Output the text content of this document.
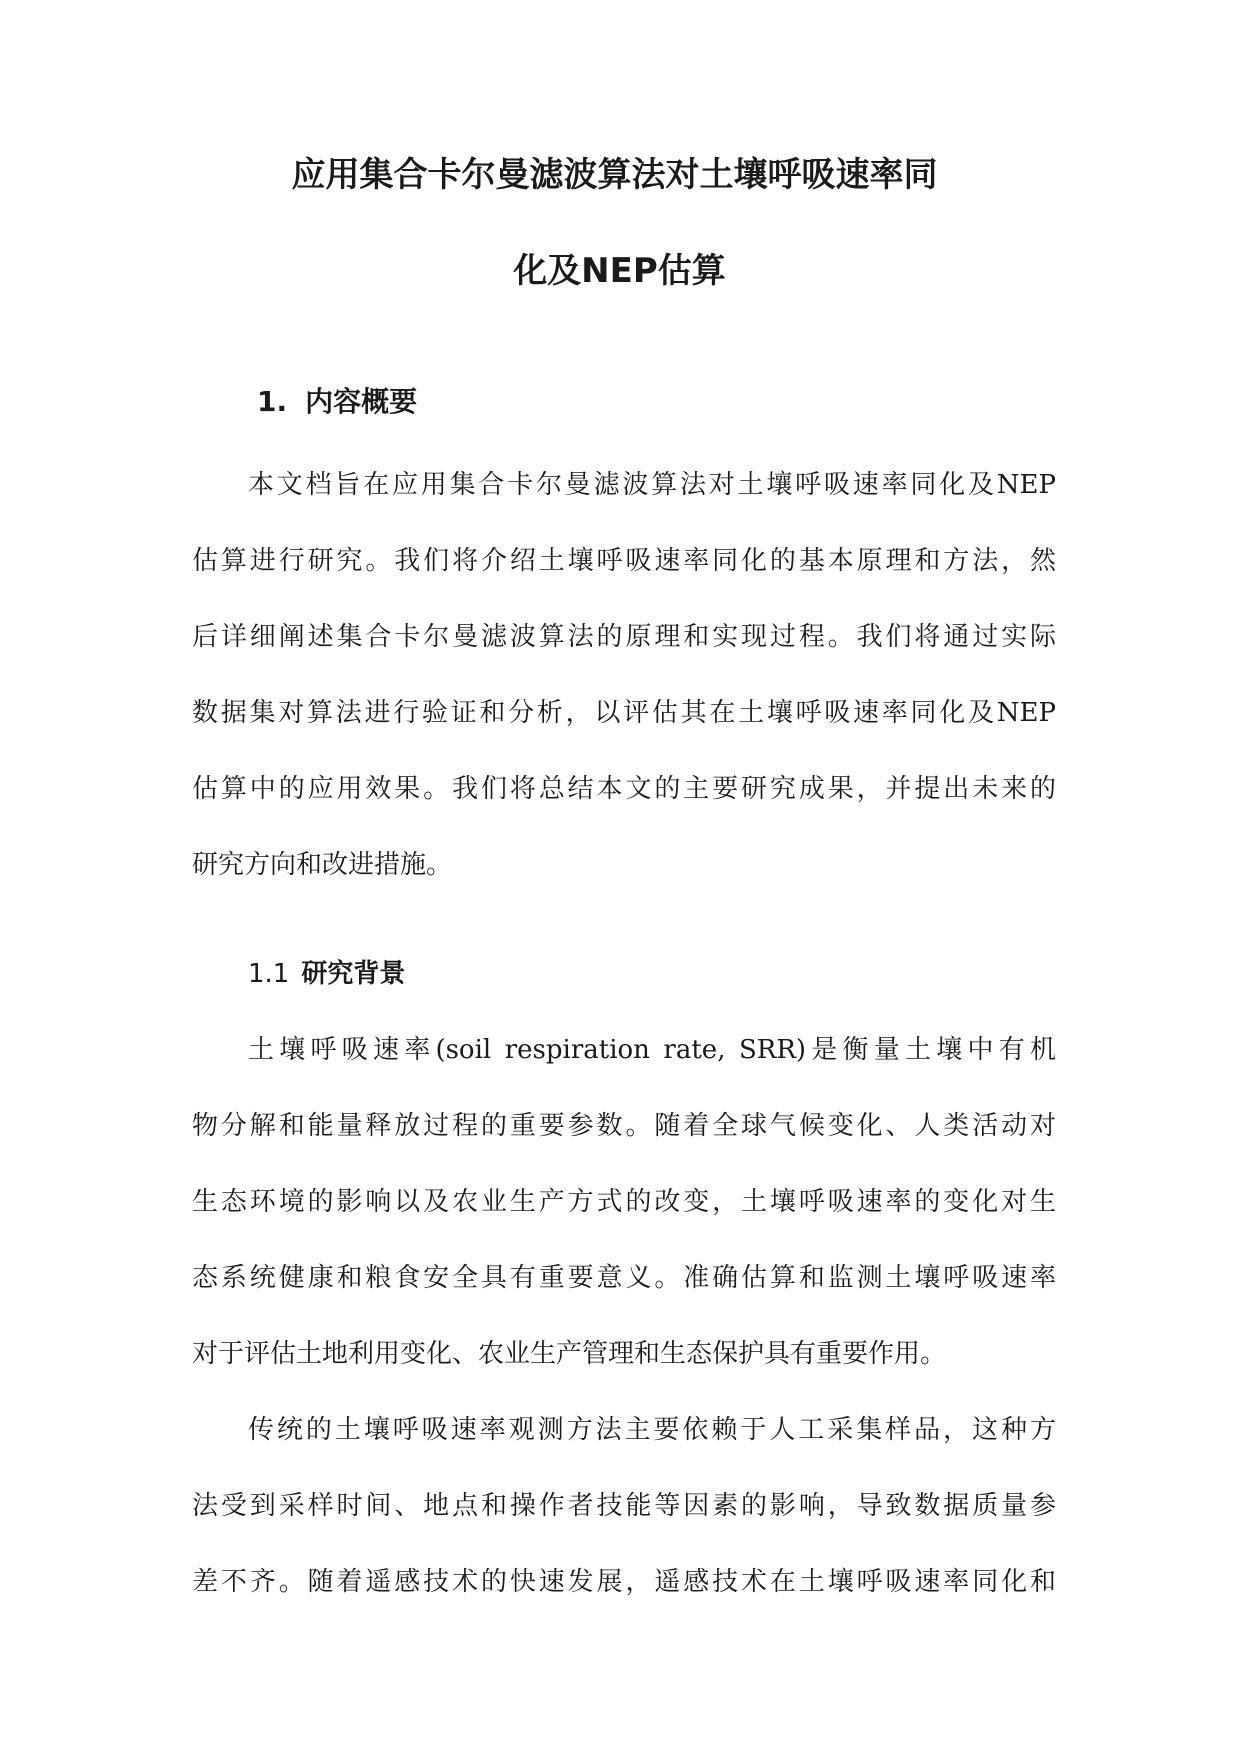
应用集合卡尔曼滤波算法对土壤呼吸速率同
化及NEP估算
1. 内容概要
本文档旨在应用集合卡尔曼滤波算法对土壤呼吸速率同化及NEP
估算进行研究。我们将介绍土壤呼吸速率同化的基本原理和方法，然
后详细阐述集合卡尔曼滤波算法的原理和实现过程。我们将通过实际
数据集对算法进行验证和分析，以评估其在土壤呼吸速率同化及NEP
估算中的应用效果。我们将总结本文的主要研究成果，并提出未来的
研究方向和改进措施。
1.1 研究背景
土壤呼吸速率(soil respiration rate, SRR)是衡量土壤中有机
物分解和能量释放过程的重要参数。随着全球气候变化、人类活动对
生态环境的影响以及农业生产方式的改变，土壤呼吸速率的变化对生
态系统健康和粮食安全具有重要意义。准确估算和监测土壤呼吸速率
对于评估土地利用变化、农业生产管理和生态保护具有重要作用。
传统的土壤呼吸速率观测方法主要依赖于人工采集样品，这种方
法受到采样时间、地点和操作者技能等因素的影响，导致数据质量参
差不齐。随着遥感技术的快速发展，遥感技术在土壤呼吸速率同化和
